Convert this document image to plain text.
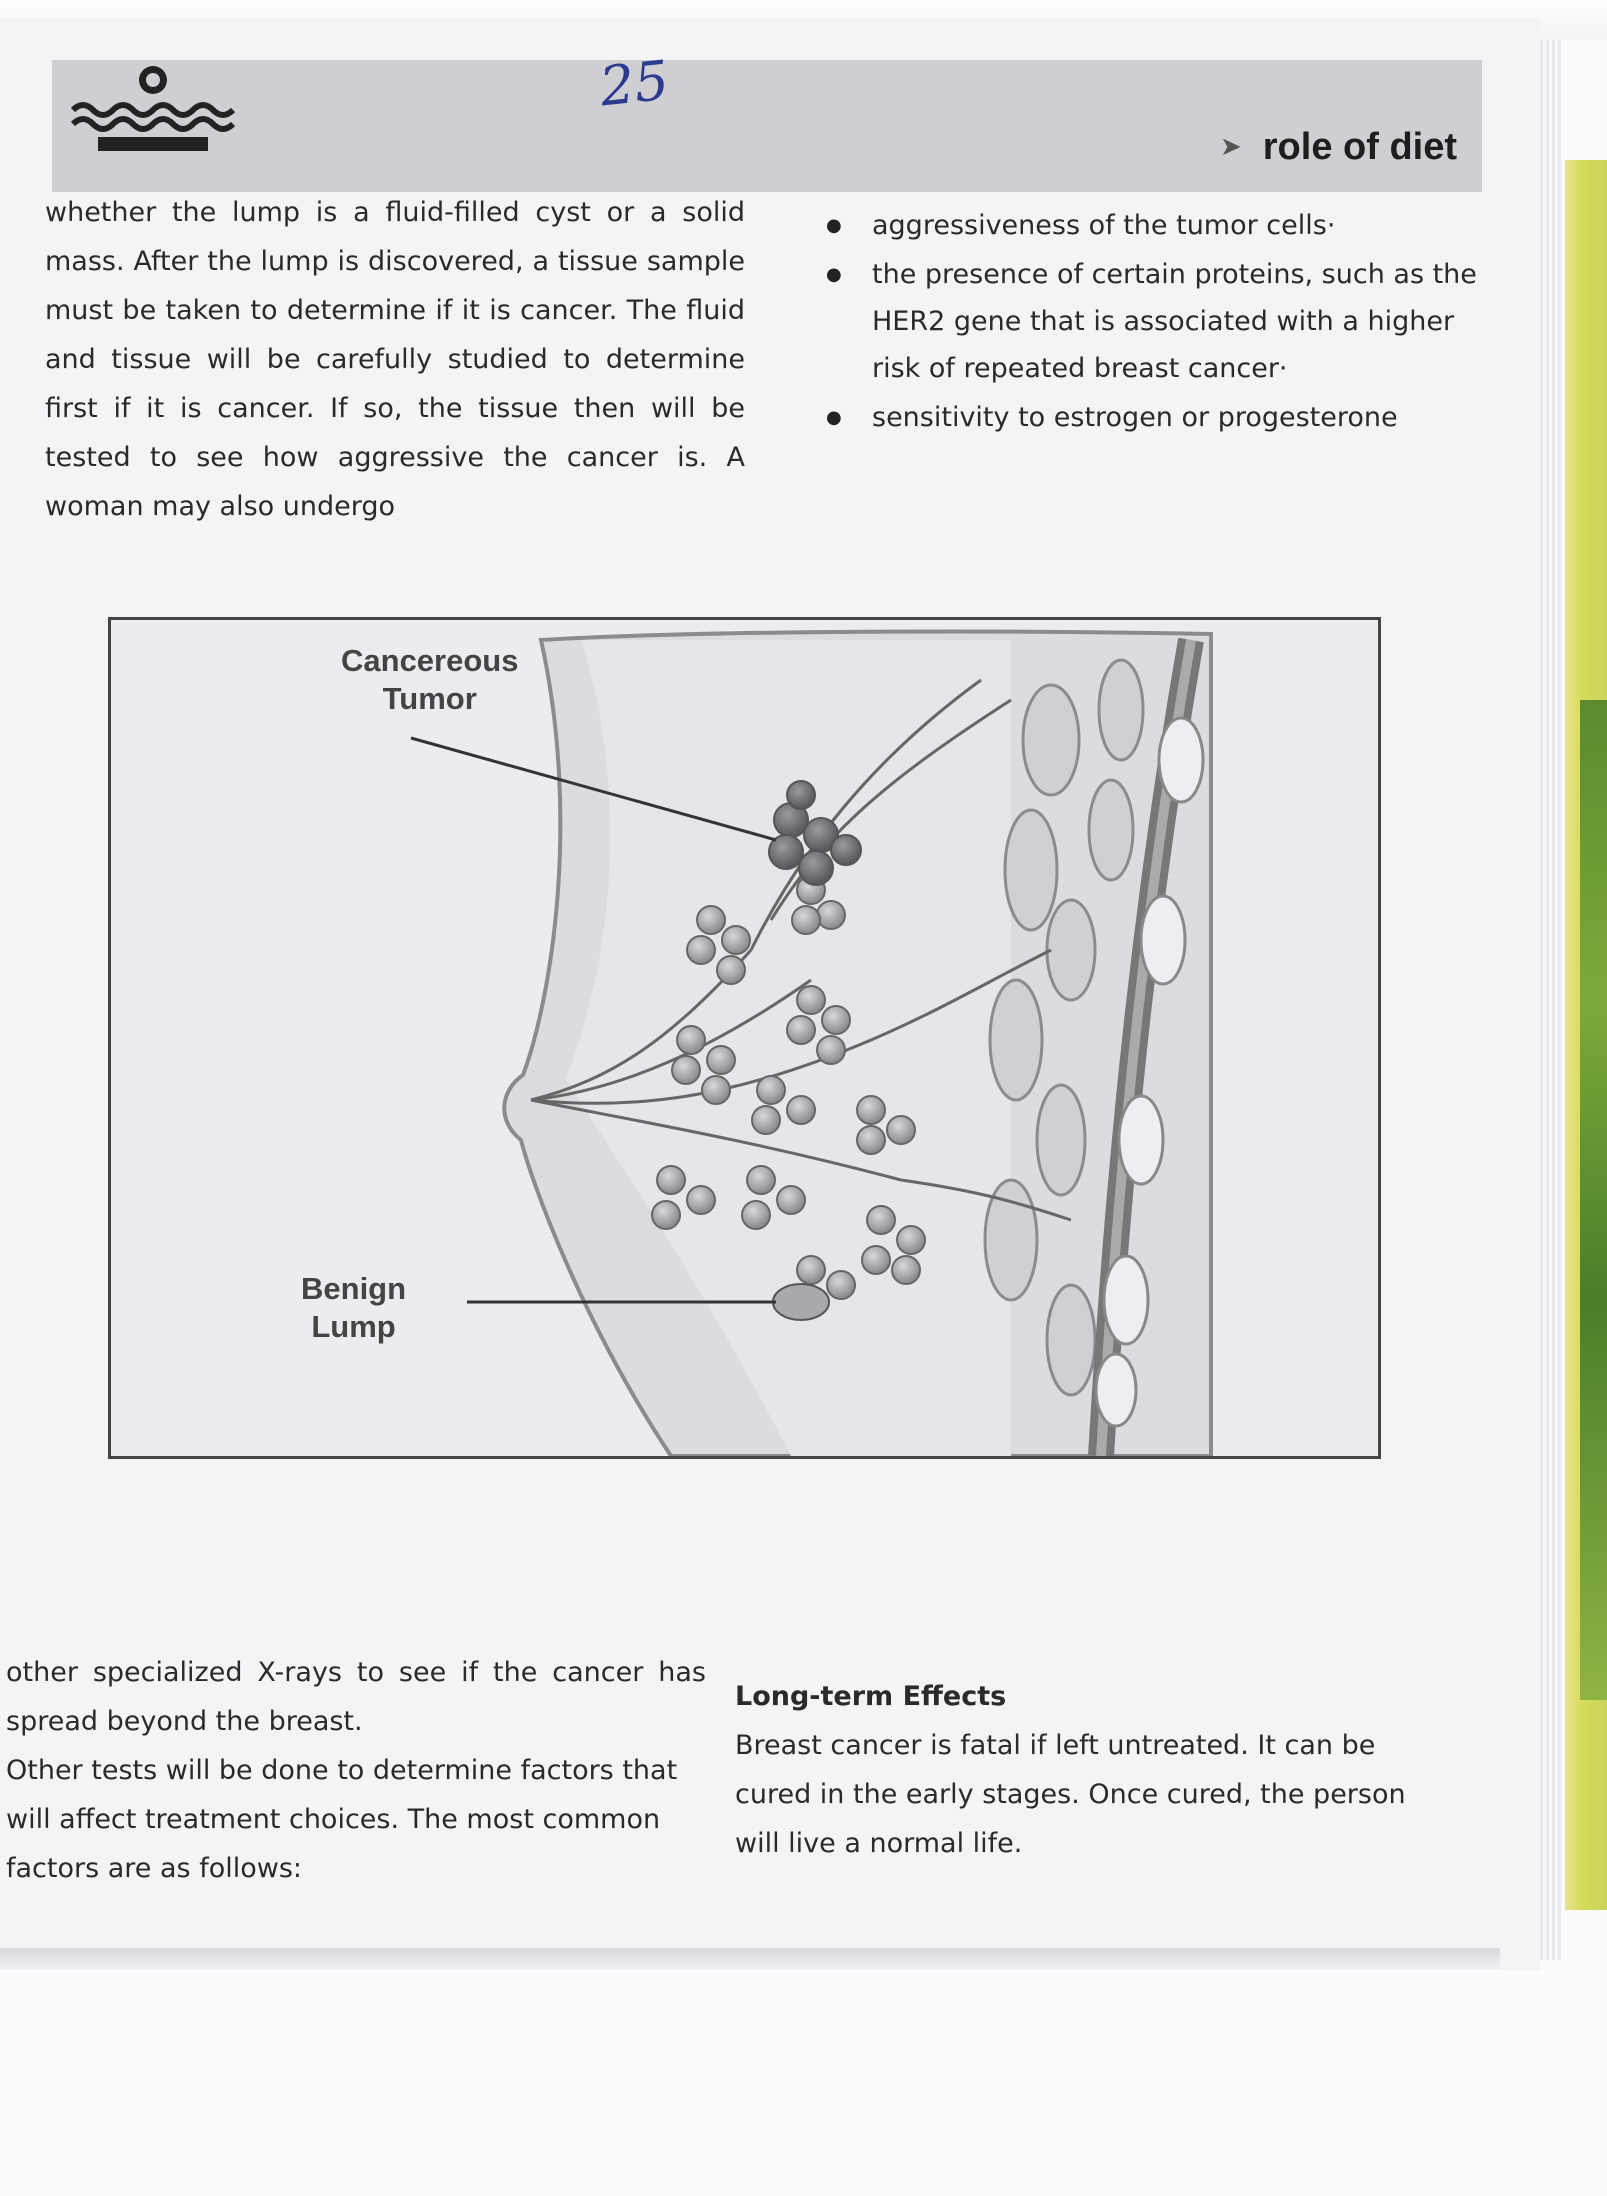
25
➤ role of diet

whether the lump is a fluid-filled cyst or a solid mass. After the lump is discovered, a tissue sample must be taken to determine if it is cancer. The fluid and tissue will be carefully studied to determine first if it is cancer. If so, the tissue then will be tested to see how aggressive the cancer is. A woman may also undergo

● aggressiveness of the tumor cells·
● the presence of certain proteins, such as the HER2 gene that is associated with a higher risk of repeated breast cancer·
● sensitivity to estrogen or progesterone
Cancereous
Tumor
Benign
Lump

other specialized X-rays to see if the cancer has spread beyond the breast.

Other tests will be done to determine factors that will affect treatment choices. The most common factors are as follows:

Long-term Effects

Breast cancer is fatal if left untreated. It can be cured in the early stages. Once cured, the person will live a normal life.
